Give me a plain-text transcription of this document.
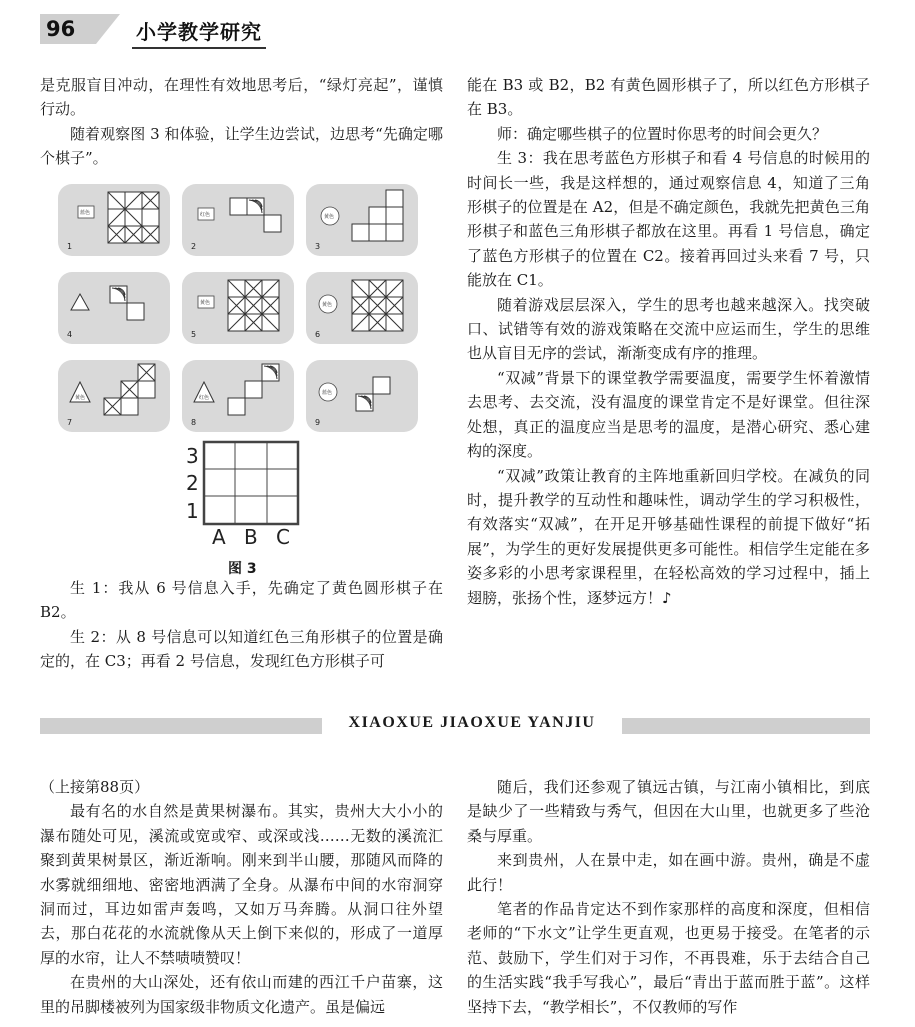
96	小学教学研究

是克服盲目冲动，在理性有效地思考后，“绿灯亮起”，谨慎行动。

随着观察图 3 和体验，让学生边尝试，边思考“先确定哪个棋子”。

蓝色
1
红色
2
黄色
3
4
黄色
5
黄色
6
黄色
7
红色
8
蓝色
9
3
2
1
A B C
图 3

生 1：我从 6 号信息入手，先确定了黄色圆形棋子在 B2。

生 2：从 8 号信息可以知道红色三角形棋子的位置是确定的，在 C3；再看 2 号信息，发现红色方形棋子可

能在 B3 或 B2，B2 有黄色圆形棋子了，所以红色方形棋子在 B3。

师：确定哪些棋子的位置时你思考的时间会更久？

生 3：我在思考蓝色方形棋子和看 4 号信息的时候用的时间长一些，我是这样想的，通过观察信息 4，知道了三角形棋子的位置是在 A2，但是不确定颜色，我就先把黄色三角形棋子和蓝色三角形棋子都放在这里。再看 1 号信息，确定了蓝色方形棋子的位置在 C2。接着再回过头来看 7 号，只能放在 C1。

随着游戏层层深入，学生的思考也越来越深入。找突破口、试错等有效的游戏策略在交流中应运而生，学生的思维也从盲目无序的尝试，渐渐变成有序的推理。

“双减”背景下的课堂教学需要温度，需要学生怀着激情去思考、去交流，没有温度的课堂肯定不是好课堂。但往深处想，真正的温度应当是思考的温度，是潜心研究、悉心建构的深度。

“双减”政策让教育的主阵地重新回归学校。在减负的同时，提升教学的互动性和趣味性，调动学生的学习积极性，有效落实“双减”，在开足开够基础性课程的前提下做好“拓展”，为学生的更好发展提供更多可能性。相信学生定能在多姿多彩的小思考家课程里，在轻松高效的学习过程中，插上翅膀，张扬个性，逐梦远方！♪

XIAOXUE JIAOXUE YANJIU

（上接第88页）

最有名的水自然是黄果树瀑布。其实，贵州大大小小的瀑布随处可见，溪流或宽或窄、或深或浅……无数的溪流汇聚到黄果树景区，渐近渐响。刚来到半山腰，那随风而降的水雾就细细地、密密地洒满了全身。从瀑布中间的水帘洞穿洞而过，耳边如雷声轰鸣，又如万马奔腾。从洞口往外望去，那白花花的水流就像从天上倒下来似的，形成了一道厚厚的水帘，让人不禁啧啧赞叹！

在贵州的大山深处，还有依山而建的西江千户苗寨，这里的吊脚楼被列为国家级非物质文化遗产。虽是偏远

随后，我们还参观了镇远古镇，与江南小镇相比，到底是缺少了一些精致与秀气，但因在大山里，也就更多了些沧桑与厚重。

来到贵州，人在景中走，如在画中游。贵州，确是不虚此行！

笔者的作品肯定达不到作家那样的高度和深度，但相信老师的“下水文”让学生更直观，也更易于接受。在笔者的示范、鼓励下，学生们对于习作，不再畏难，乐于去结合自己的生活实践“我手写我心”，最后“青出于蓝而胜于蓝”。这样坚持下去，“教学相长”，不仅教师的写作
